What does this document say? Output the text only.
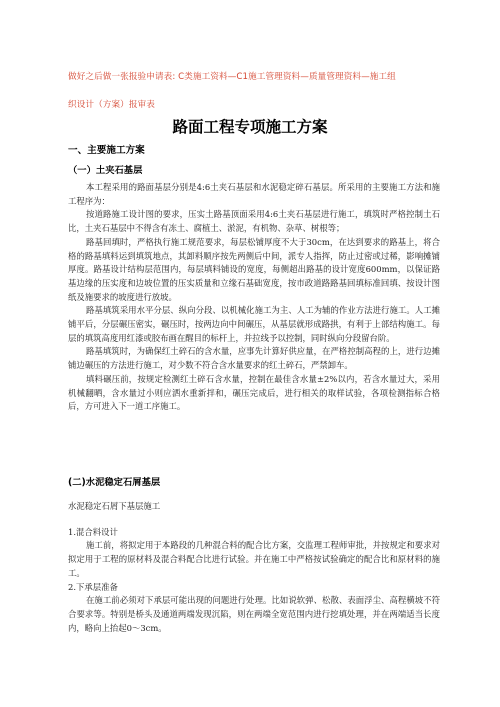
做好之后做一张报验申请表: C类施工资料—C1施工管理资料—质量管理资料—施工组
织设计（方案）报审表
路面工程专项施工方案
一、主要施工方案
（一）土夹石基层

本工程采用的路面基层分别是4:6土夹石基层和水泥稳定碎石基层。所采用的主要施工方法和施工程序为：

按道路施工设计图的要求，压实土路基顶面采用4:6土夹石基层进行施工，填筑时严格控制土石比，土夹石基层中不得含有冻土、腐植土、淤泥，有机物、杂草、树根等；

路基回填时，严格执行施工规范要求，每层松铺厚度不大于30cm，在达到要求的路基上，将合格的路基填料运到填筑地点，其卸料顺序按先两侧后中间，派专人指挥，防止过密或过稀，影响摊铺厚度。路基设计结构层范围内，每层填料铺设的宽度，每侧超出路基的设计宽度600mm，以保证路基边缘的压实度和边坡位置的压实质量和立缘石基础宽度，按市政道路路基回填标准回填、按设计图纸及施要求的坡度进行放坡。

路基填筑采用水平分层、纵向分段、以机械化施工为主、人工为辅的作业方法进行施工。人工摊铺平后，分层碾压密实，碾压时，按两边向中间碾压，从基层就形成路拱，有利于上部结构施工。每层的填筑高度用红漆或胶布画在醒目的标杆上，并拉线予以控制，同时纵向分段留台阶。

路基填筑时，为确保红土碎石的含水量，应事先计算好供应量，在严格控制高程的上，进行边摊铺边碾压的方法进行施工，对少数不符合含水量要求的红土碎石，严禁卸车。

填料碾压前，按规定检测红土碎石含水量，控制在最佳含水量±2%以内，若含水量过大，采用机械翻晒，含水量过小则应洒水重新拌和，碾压完成后，进行相关的取样试验，各项检测指标合格后，方可进入下一道工序施工。

(二)水泥稳定石屑基层

水泥稳定石屑下基层施工

1.混合料设计

施工前，将拟定用于本路段的几种混合料的配合比方案，交监理工程师审批，并按规定和要求对拟定用于工程的原材料及混合料配合比进行试验。并在施工中严格按试验确定的配合比和原材料的施工。

2.下承层准备

在施工前必须对下承层可能出现的问题进行处理。比如说软弹、松散、表面浮尘、高程横坡不符合要求等。特别是桥头及通道两端发现沉陷，则在两端全宽范围内进行挖填处理，并在两端适当长度内，略向上抬起0～3cm。
